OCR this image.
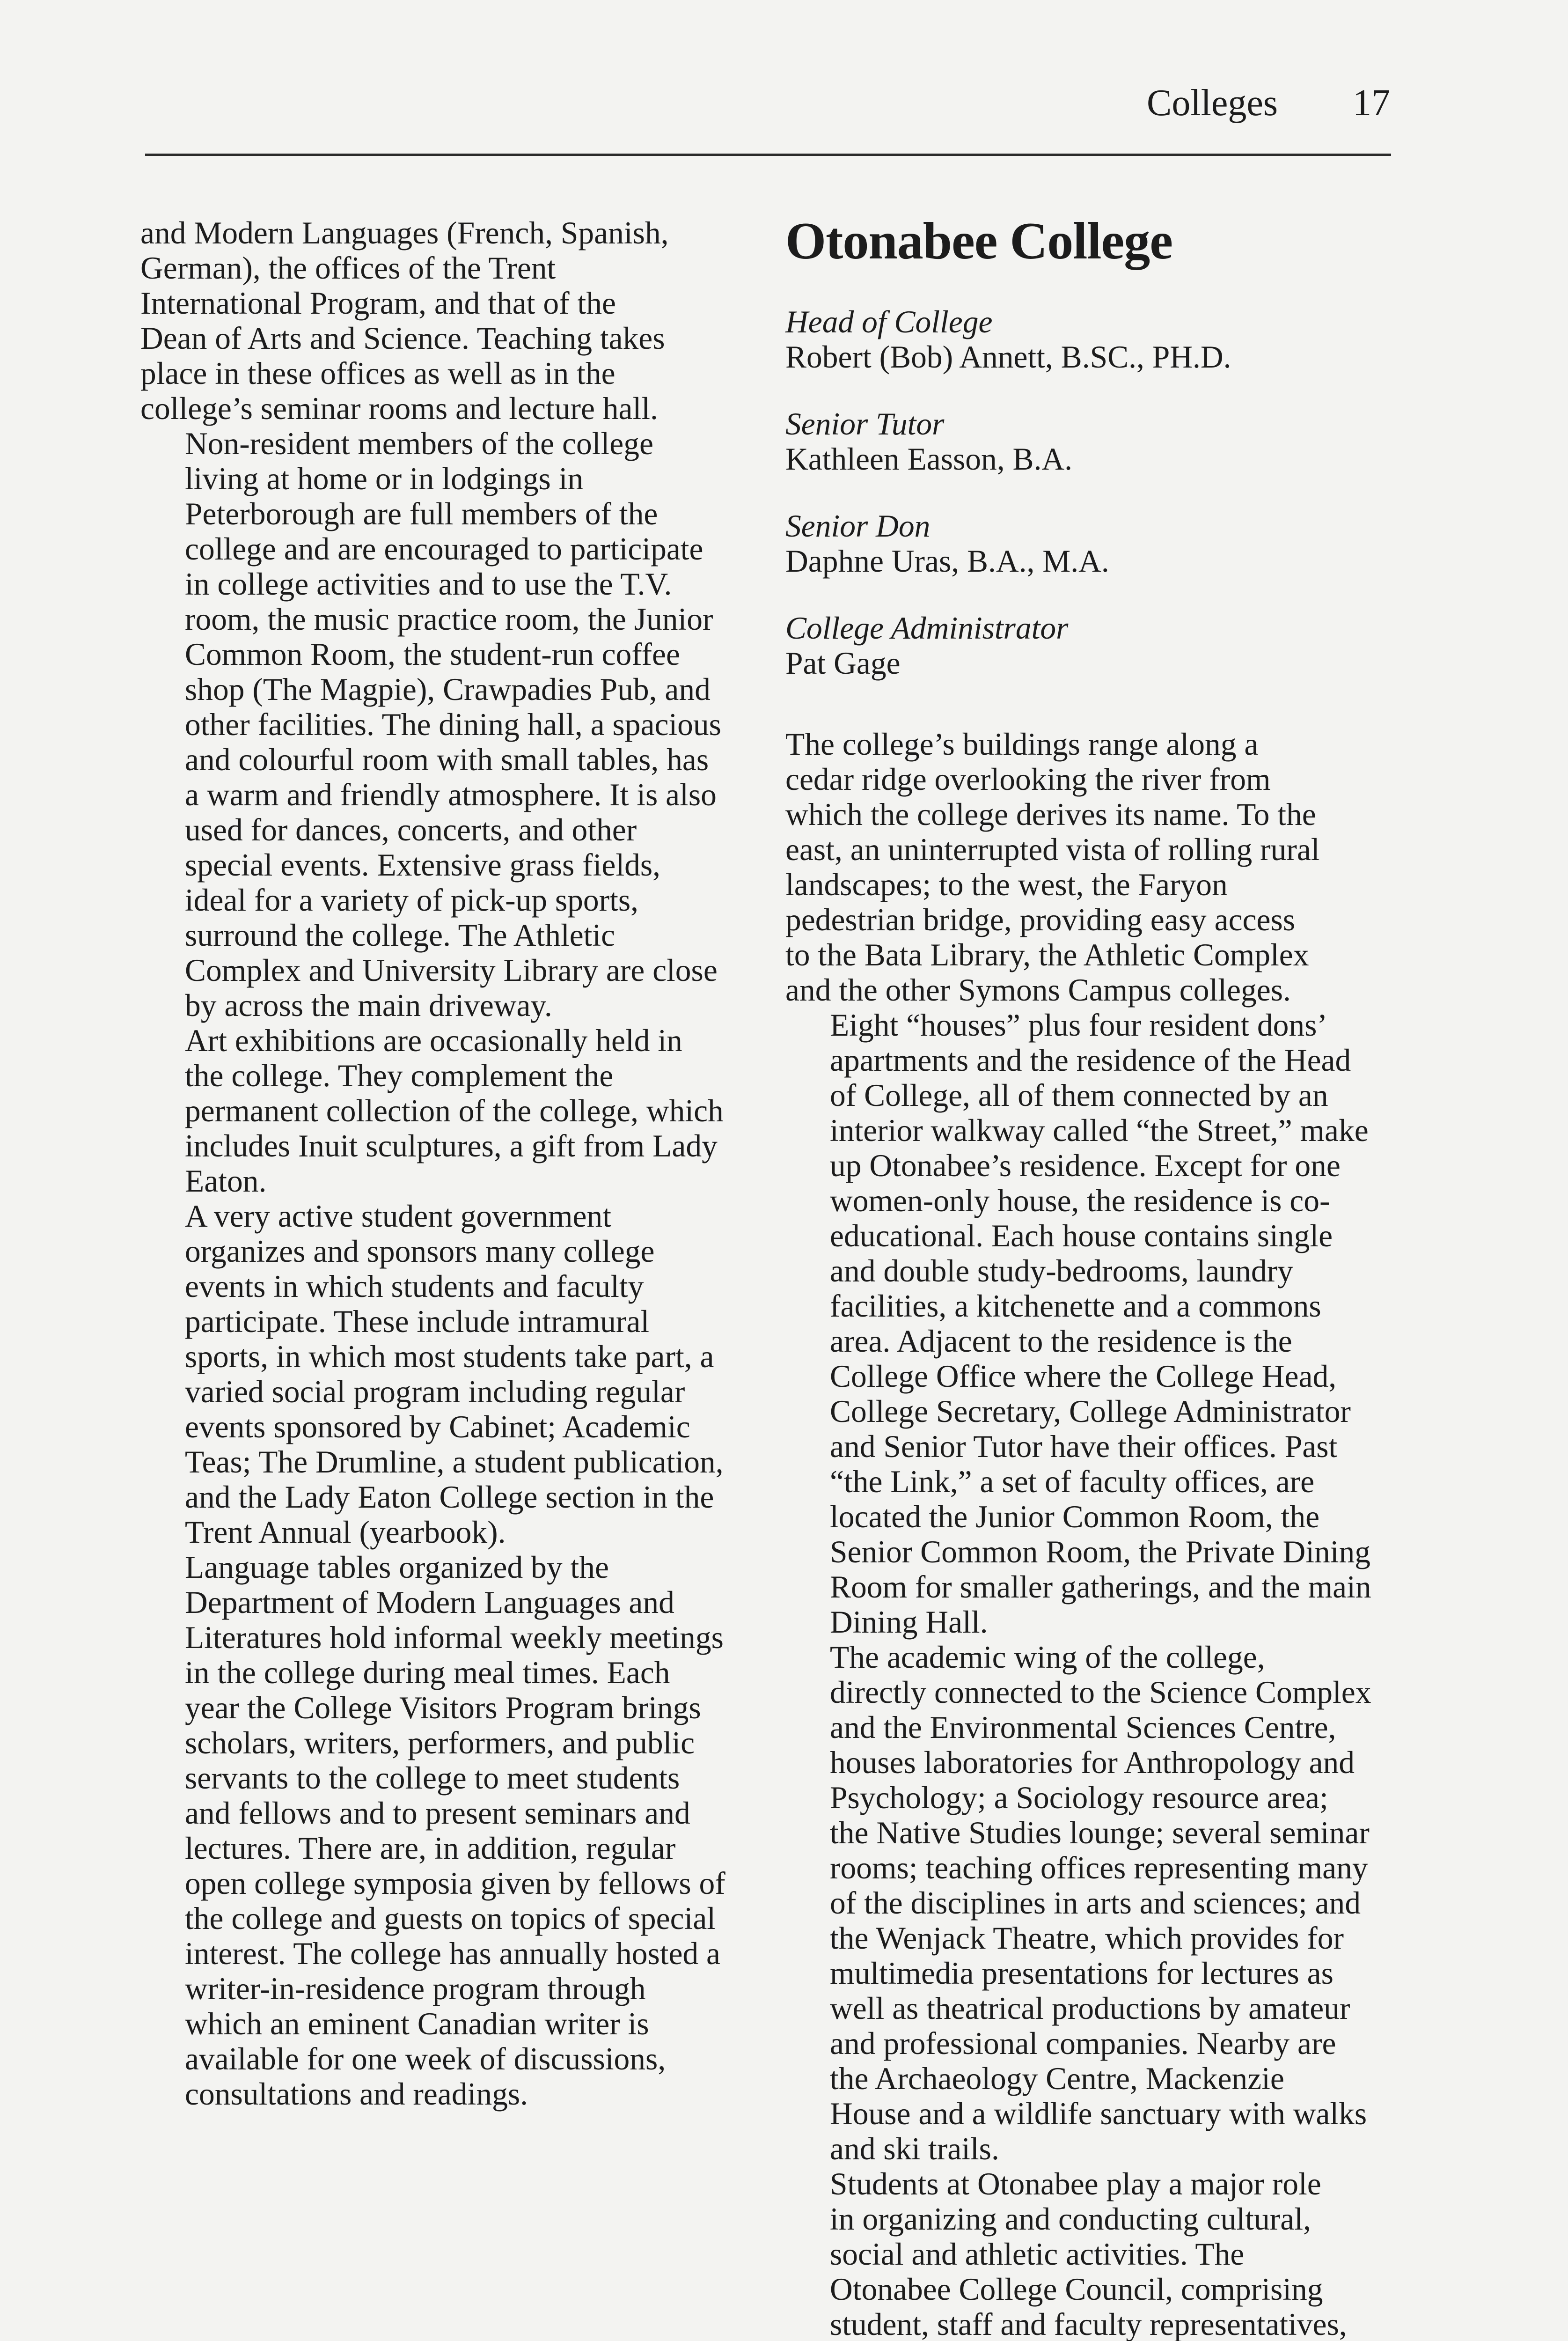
Colleges 17

and Modern Languages (French, Spanish,
German), the offices of the Trent
International Program, and that of the
Dean of Arts and Science. Teaching takes
place in these offices as well as in the
college’s seminar rooms and lecture hall.

Non-resident members of the college
living at home or in lodgings in
Peterborough are full members of the
college and are encouraged to participate
in college activities and to use the T.V.
room, the music practice room, the Junior
Common Room, the student-run coffee
shop (The Magpie), Crawpadies Pub, and
other facilities. The dining hall, a spacious
and colourful room with small tables, has
a warm and friendly atmosphere. It is also
used for dances, concerts, and other
special events. Extensive grass fields,
ideal for a variety of pick-up sports,
surround the college. The Athletic
Complex and University Library are close
by across the main driveway.

Art exhibitions are occasionally held in
the college. They complement the
permanent collection of the college, which
includes Inuit sculptures, a gift from Lady
Eaton.

A very active student government
organizes and sponsors many college
events in which students and faculty
participate. These include intramural
sports, in which most students take part, a
varied social program including regular
events sponsored by Cabinet; Academic
Teas; The Drumline, a student publication,
and the Lady Eaton College section in the
Trent Annual (yearbook).

Language tables organized by the
Department of Modern Languages and
Literatures hold informal weekly meetings
in the college during meal times. Each
year the College Visitors Program brings
scholars, writers, performers, and public
servants to the college to meet students
and fellows and to present seminars and
lectures. There are, in addition, regular
open college symposia given by fellows of
the college and guests on topics of special
interest. The college has annually hosted a
writer-in-residence program through
which an eminent Canadian writer is
available for one week of discussions,
consultations and readings.

Otonabee College
Head of College
Robert (Bob) Annett, B.SC., PH.D.
Senior Tutor
Kathleen Easson, B.A.
Senior Don
Daphne Uras, B.A., M.A.
College Administrator
Pat Gage

The college’s buildings range along a
cedar ridge overlooking the river from
which the college derives its name. To the
east, an uninterrupted vista of rolling rural
landscapes; to the west, the Faryon
pedestrian bridge, providing easy access
to the Bata Library, the Athletic Complex
and the other Symons Campus colleges.

Eight “houses” plus four resident dons’
apartments and the residence of the Head
of College, all of them connected by an
interior walkway called “the Street,” make
up Otonabee’s residence. Except for one
women-only house, the residence is co-
educational. Each house contains single
and double study-bedrooms, laundry
facilities, a kitchenette and a commons
area. Adjacent to the residence is the
College Office where the College Head,
College Secretary, College Administrator
and Senior Tutor have their offices. Past
“the Link,” a set of faculty offices, are
located the Junior Common Room, the
Senior Common Room, the Private Dining
Room for smaller gatherings, and the main
Dining Hall.

The academic wing of the college,
directly connected to the Science Complex
and the Environmental Sciences Centre,
houses laboratories for Anthropology and
Psychology; a Sociology resource area;
the Native Studies lounge; several seminar
rooms; teaching offices representing many
of the disciplines in arts and sciences; and
the Wenjack Theatre, which provides for
multimedia presentations for lectures as
well as theatrical productions by amateur
and professional companies. Nearby are
the Archaeology Centre, Mackenzie
House and a wildlife sanctuary with walks
and ski trails.

Students at Otonabee play a major role
in organizing and conducting cultural,
social and athletic activities. The
Otonabee College Council, comprising
student, staff and faculty representatives,
